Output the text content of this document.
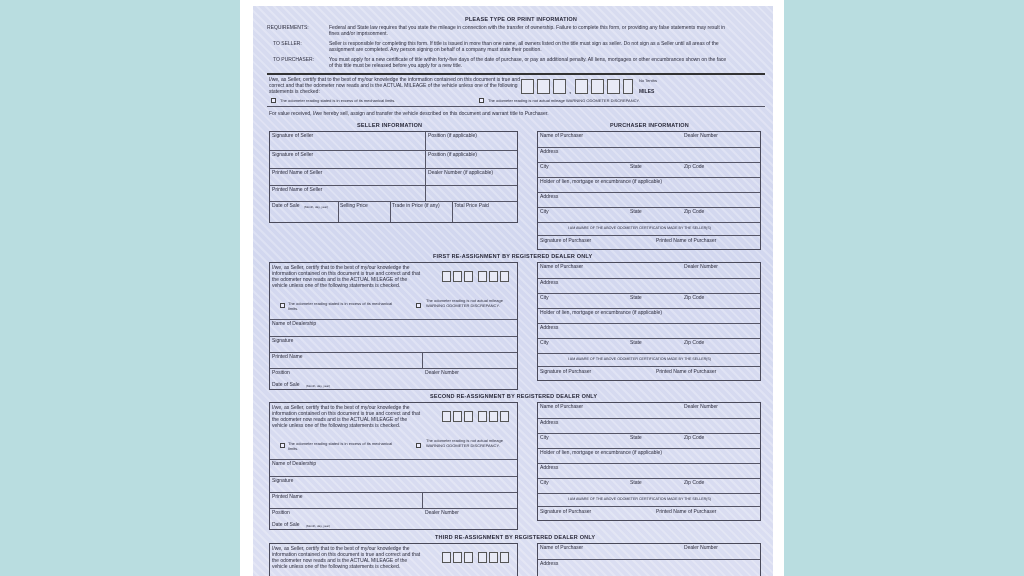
PLEASE TYPE OR PRINT INFORMATION
REQUIREMENTS:	Federal and State law requires that you state the mileage in connection with the transfer of ownership. Failure to complete this form, or providing any false statements may result in fines and/or imprisonment.
TO SELLER:	Seller is responsible for completing this form. If title is issued in more than one name, all owners listed on the title must sign as seller. Do not sign as a Seller until all areas of the assignment are completed. Any person signing on behalf of a company must state their position.
TO PURCHASER:	You must apply for a new certificate of title within forty-five days of the date of purchase, or pay an additional penalty. All liens, mortgages or other encumbrances shown on the face of this title must be released before you apply for a new title.
I/we, as Seller, certify that to the best of my/our knowledge the information contained on this document is true and correct and that the odometer now reads and is the ACTUAL MILEAGE of the vehicle unless one of the following statements is checked:	,
No Tenths
MILES
The odometer reading stated is in excess of its mechanical limits.	The odometer reading is not actual mileage WARNING ODOMETER DISCREPANCY.
For value received, I/we hereby sell, assign and transfer the vehicle described on this document and warrant title to Purchaser.
SELLER INFORMATION
Signature of Seller	Position (if applicable)
Signature of Seller	Position (if applicable)
Printed Name of Seller	Dealer Number (if applicable)
Printed Name of Seller
Date of Sale (Month, day, year) Selling Price	Trade in Price (if any)	Total Price Paid
PURCHASER INFORMATION
Name of Purchaser	Dealer Number
Address
City	State	Zip Code
Holder of lien, mortgage or encumbrance (if applicable)
Address
City	State	Zip Code
I AM AWARE OF THE ABOVE ODOMETER CERTIFICATION MADE BY THE SELLER(S)
Signature of Purchaser	Printed Name of Purchaser
FIRST RE-ASSIGNMENT BY REGISTERED DEALER ONLY
I/we, as Seller, certify that to the best of my/our knowledge the information contained on this document is true and correct and that the odometer now reads and is the ACTUAL MILEAGE of the vehicle unless one of the following statements is checked.
The odometer reading stated is in excess of its mechanical limits.
The odometer reading is not actual mileage WARNING ODOMETER DISCREPANCY.
Name of Dealership
Signature
Printed Name
Position	Dealer Number
Date of Sale (Month, day, year)
Name of Purchaser	Dealer Number
Address
City	State	Zip Code
Holder of lien, mortgage or encumbrance (if applicable)
Address
City	State	Zip Code
I AM AWARE OF THE ABOVE ODOMETER CERTIFICATION MADE BY THE SELLER(S)
Signature of Purchaser	Printed Name of Purchaser
SECOND RE-ASSIGNMENT BY REGISTERED DEALER ONLY
I/we, as Seller, certify that to the best of my/our knowledge the information contained on this document is true and correct and that the odometer now reads and is the ACTUAL MILEAGE of the vehicle unless one of the following statements is checked.
The odometer reading stated is in excess of its mechanical limits.
The odometer reading is not actual mileage WARNING ODOMETER DISCREPANCY.
Name of Dealership
Signature
Printed Name
Position	Dealer Number
Date of Sale (Month, day, year)
Name of Purchaser	Dealer Number
Address
City	State	Zip Code
Holder of lien, mortgage or encumbrance (if applicable)
Address
City	State	Zip Code
I AM AWARE OF THE ABOVE ODOMETER CERTIFICATION MADE BY THE SELLER(S)
Signature of Purchaser	Printed Name of Purchaser
THIRD RE-ASSIGNMENT BY REGISTERED DEALER ONLY
I/we, as Seller, certify that to the best of my/our knowledge the information contained on this document is true and correct and that the odometer now reads and is the ACTUAL MILEAGE of the vehicle unless one of the following statements is checked.
Name of Purchaser	Dealer Number
Address
